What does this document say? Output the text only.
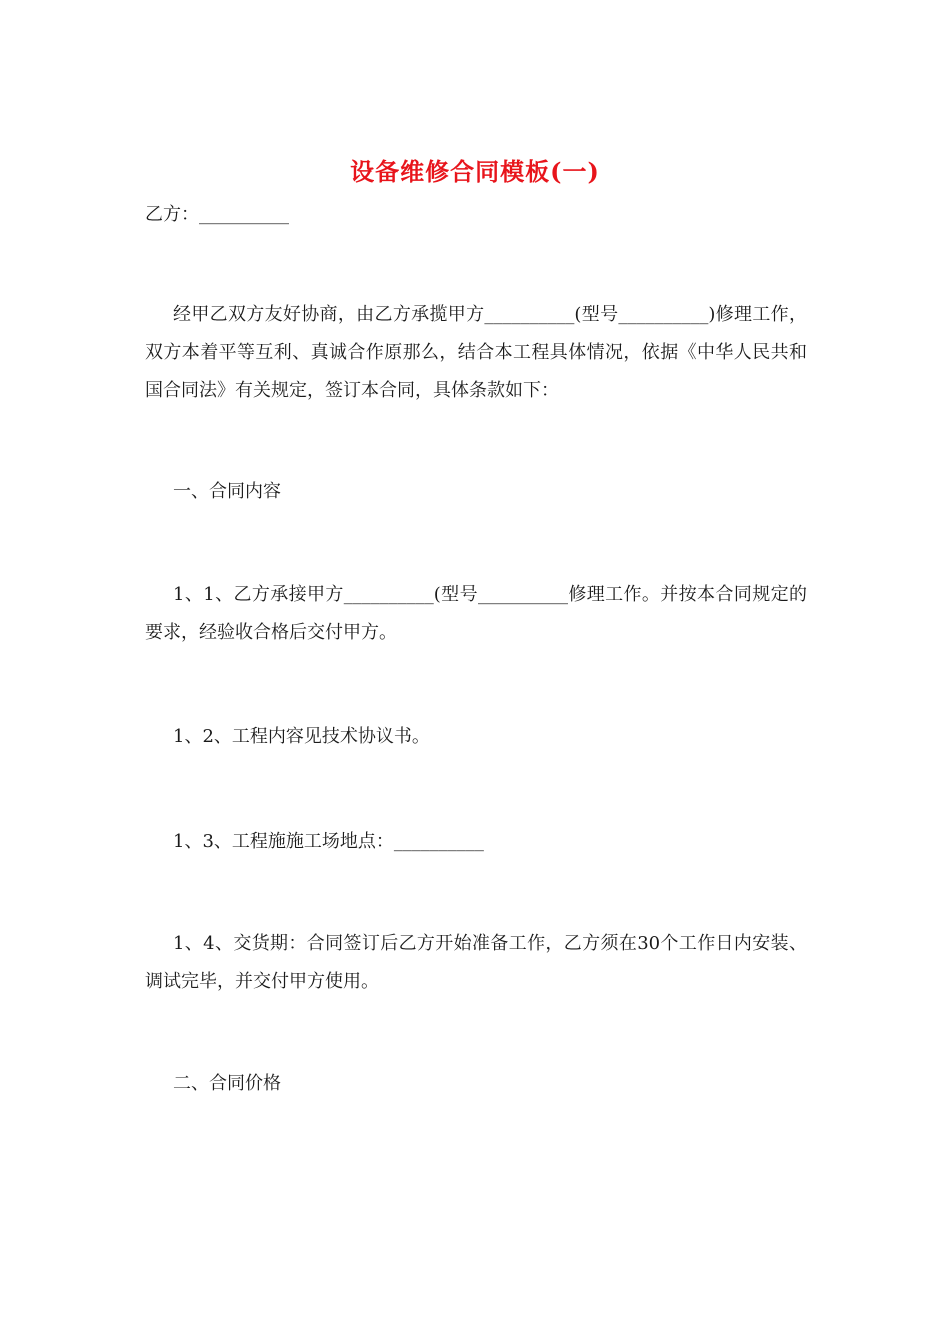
设备维修合同模板(一)
乙方：__________
经甲乙双方友好协商，由乙方承揽甲方__________(型号__________)修理工作，双方本着平等互利、真诚合作原那么，结合本工程具体情况，依据《中华人民共和国合同法》有关规定，签订本合同，具体条款如下：
一、合同内容
1、1、乙方承接甲方__________(型号__________修理工作。并按本合同规定的要求，经验收合格后交付甲方。
1、2、工程内容见技术协议书。
1、3、工程施施工场地点：__________
1、4、交货期：合同签订后乙方开始准备工作，乙方须在30个工作日内安装、调试完毕，并交付甲方使用。
二、合同价格
